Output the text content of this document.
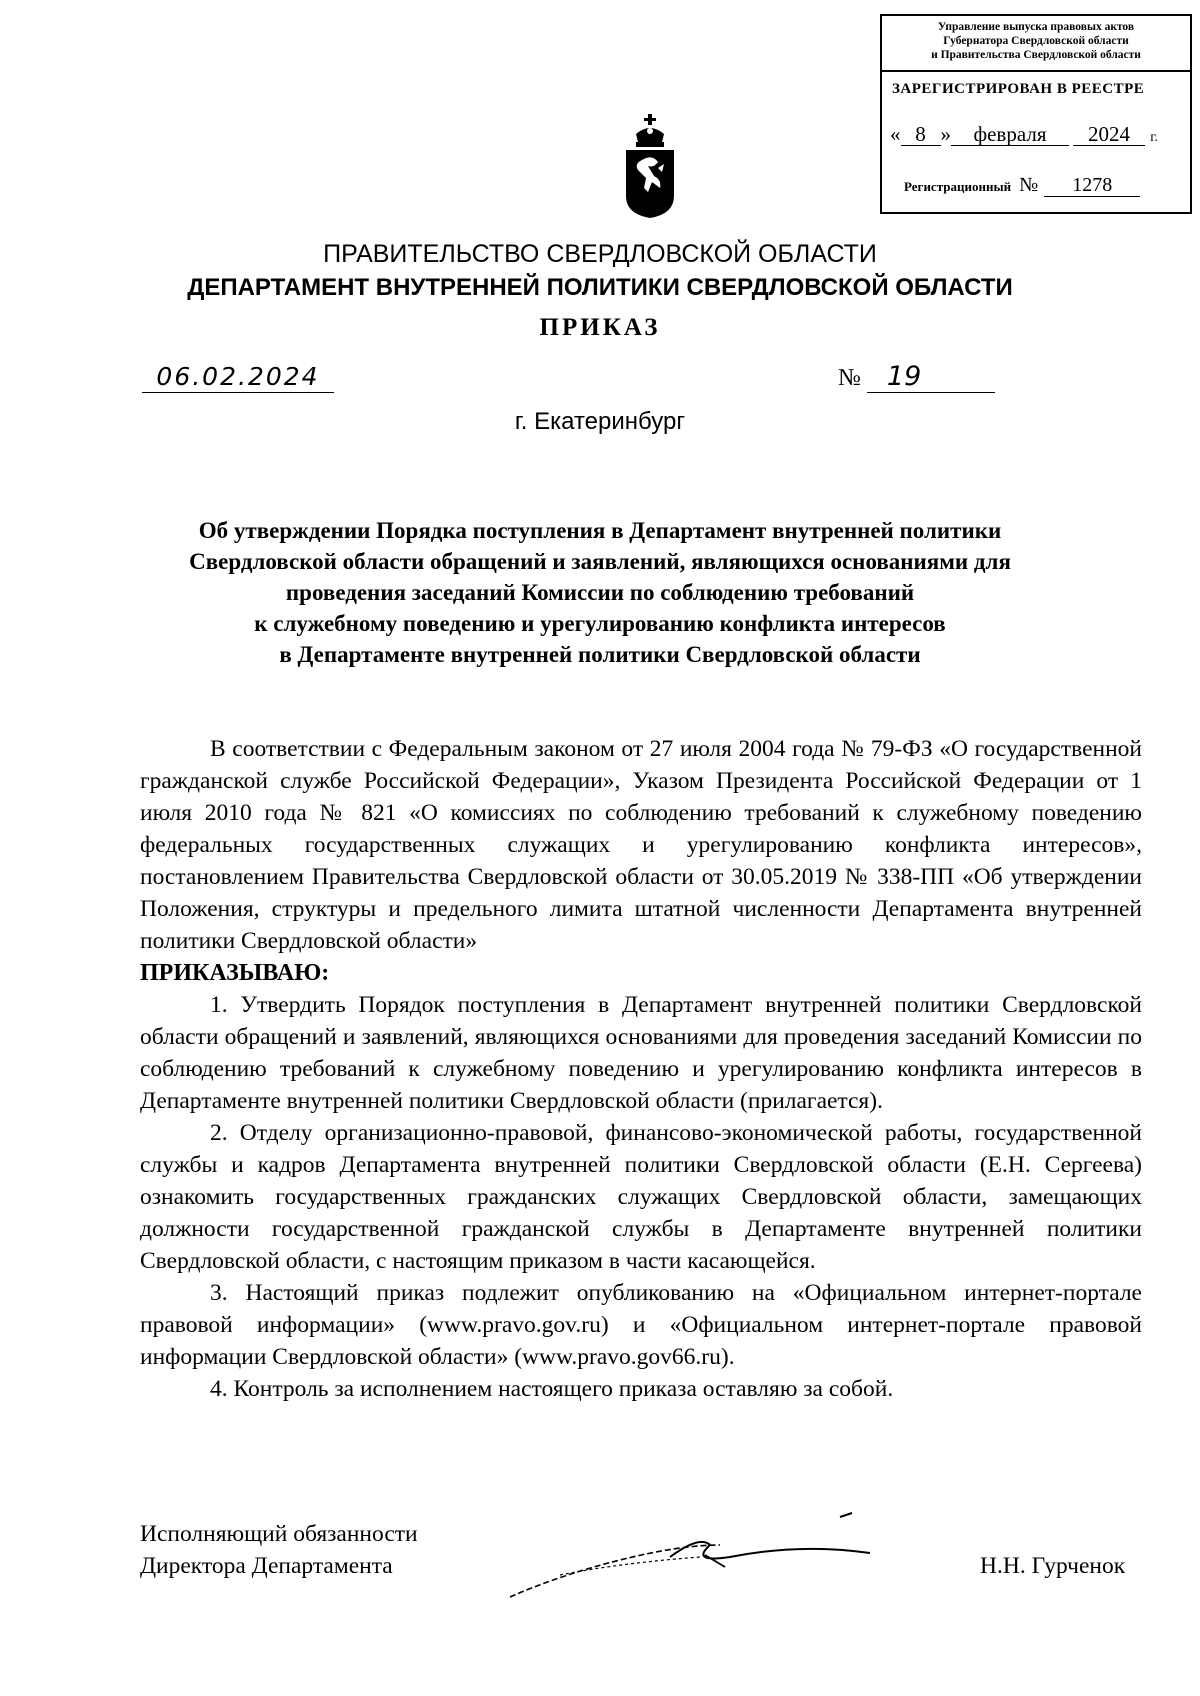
Управление выпуска правовых актов
Губернатора Свердловской области
и Правительства Свердловской области
ЗАРЕГИСТРИРОВАН В РЕЕСТРЕ
« 8 » февраля 2024 г.
Регистрационный № 1278
ПРАВИТЕЛЬСТВО СВЕРДЛОВСКОЙ ОБЛАСТИ
ДЕПАРТАМЕНТ ВНУТРЕННЕЙ ПОЛИТИКИ СВЕРДЛОВСКОЙ ОБЛАСТИ
ПРИКАЗ
06.02.2024	№ 19
г. Екатеринбург
Об утверждении Порядка поступления в Департамент внутренней политики
Свердловской области обращений и заявлений, являющихся основаниями для
проведения заседаний Комиссии по соблюдению требований
к служебному поведению и урегулированию конфликта интересов
в Департаменте внутренней политики Свердловской области
В соответствии с Федеральным законом от 27 июля 2004 года № 79-ФЗ «О государственной гражданской службе Российской Федерации», Указом Президента Российской Федерации от 1 июля 2010 года № 821 «О комиссиях по соблюдению требований к служебному поведению федеральных государственных служащих и урегулированию конфликта интересов», постановлением Правительства Свердловской области от 30.05.2019 № 338-ПП «Об утверждении Положения, структуры и предельного лимита штатной численности Департамента внутренней политики Свердловской области»
ПРИКАЗЫВАЮ:
1. Утвердить Порядок поступления в Департамент внутренней политики Свердловской области обращений и заявлений, являющихся основаниями для проведения заседаний Комиссии по соблюдению требований к служебному поведению и урегулированию конфликта интересов в Департаменте внутренней политики Свердловской области (прилагается).
2. Отделу организационно-правовой, финансово-экономической работы, государственной службы и кадров Департамента внутренней политики Свердловской области (Е.Н. Сергеева) ознакомить государственных гражданских служащих Свердловской области, замещающих должности государственной гражданской службы в Департаменте внутренней политики Свердловской области, с настоящим приказом в части касающейся.
3. Настоящий приказ подлежит опубликованию на «Официальном интернет-портале правовой информации» (www.pravo.gov.ru) и «Официальном интернет-портале правовой информации Свердловской области» (www.pravo.gov66.ru).
4. Контроль за исполнением настоящего приказа оставляю за собой.
Исполняющий обязанности
Директора Департамента	Н.Н. Гурченок
